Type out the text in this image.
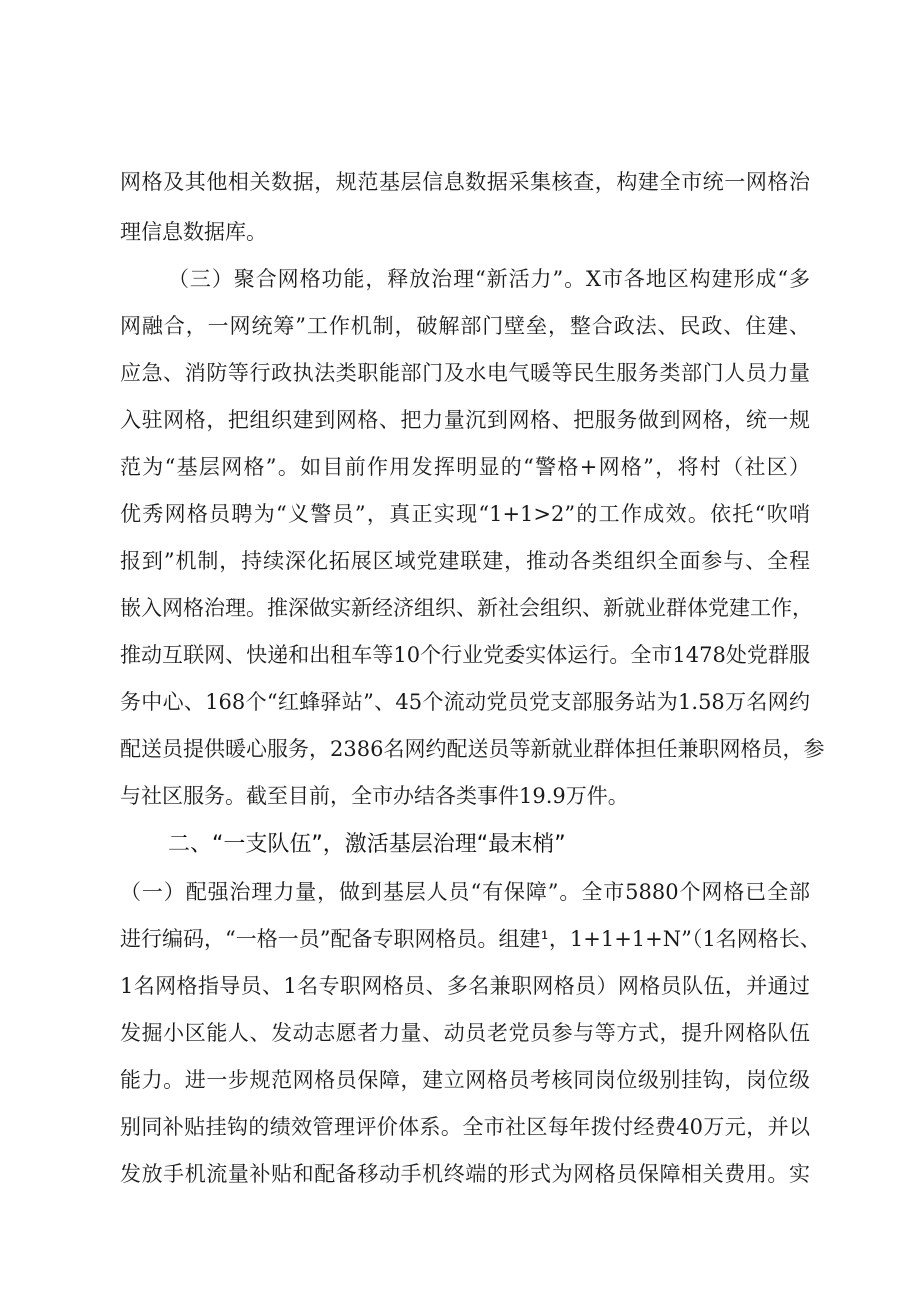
网格及其他相关数据，规范基层信息数据采集核查，构建全市统一网格治
理信息数据库。
（三）聚合网格功能，释放治理“新活力”。X市各地区构建形成“多
网融合，一网统筹”工作机制，破解部门壁垒，整合政法、民政、住建、
应急、消防等行政执法类职能部门及水电气暖等民生服务类部门人员力量
入驻网格，把组织建到网格、把力量沉到网格、把服务做到网格，统一规
范为“基层网格”。如目前作用发挥明显的“警格+网格”，将村（社区）
优秀网格员聘为“义警员”，真正实现“1+1>2”的工作成效。依托“吹哨
报到”机制，持续深化拓展区域党建联建，推动各类组织全面参与、全程
嵌入网格治理。推深做实新经济组织、新社会组织、新就业群体党建工作，
推动互联网、快递和出租车等10个行业党委实体运行。全市1478处党群服
务中心、168个“红蜂驿站”、45个流动党员党支部服务站为1.58万名网约
配送员提供暖心服务，2386名网约配送员等新就业群体担任兼职网格员，参
与社区服务。截至目前，全市办结各类事件19.9万件。
二、“一支队伍”，激活基层治理“最末梢”
（一）配强治理力量，做到基层人员“有保障”。全市5880个网格已全部
进行编码，“一格一员”配备专职网格员。组建¹，1+1+1+N”（1名网格长、
1名网格指导员、1名专职网格员、多名兼职网格员）网格员队伍，并通过
发掘小区能人、发动志愿者力量、动员老党员参与等方式，提升网格队伍
能力。进一步规范网格员保障，建立网格员考核同岗位级别挂钩，岗位级
别同补贴挂钩的绩效管理评价体系。全市社区每年拨付经费40万元，并以
发放手机流量补贴和配备移动手机终端的形式为网格员保障相关费用。实
